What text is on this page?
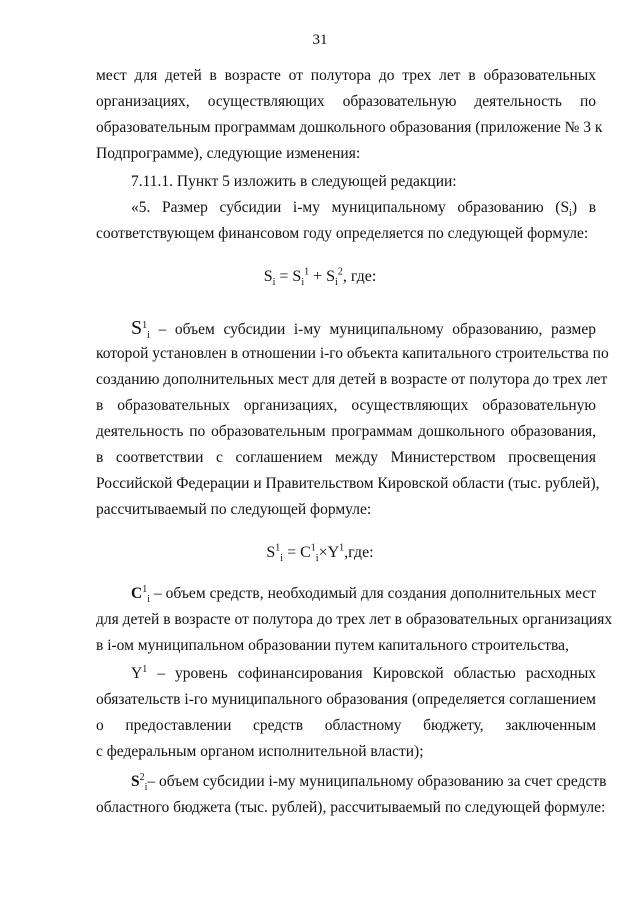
31
мест для детей в возрасте от полутора до трех лет в образовательных
организациях, осуществляющих образовательную деятельность по
образовательным программам дошкольного образования (приложение № 3 к
Подпрограмме), следующие изменения:
7.11.1. Пункт 5 изложить в следующей редакции:
«5. Размер субсидии i-му муниципальному образованию $(S_i)$ в
соответствующем финансовом году определяется по следующей формуле:
$S_i = S_i^1 + S_i^2$, где:
$S^1_i$ – объем субсидии i-му муниципальному образованию, размер
которой установлен в отношении i-го объекта капитального строительства по
созданию дополнительных мест для детей в возрасте от полутора до трех лет
в образовательных организациях, осуществляющих образовательную
деятельность по образовательным программам дошкольного образования,
в соответствии с соглашением между Министерством просвещения
Российской Федерации и Правительством Кировской области (тыс. рублей),
рассчитываемый по следующей формуле:
$S^1_i = C^1_i\times Y^1,где$:
$C^1_i$ – объем средств, необходимый для создания дополнительных мест
для детей в возрасте от полутора до трех лет в образовательных организациях
в i-ом муниципальном образовании путем капитального строительства,
$Y^1$ – уровень софинансирования Кировской областью расходных
обязательств i-го муниципального образования (определяется соглашением
о предоставлении средств областному бюджету, заключенным
с федеральным органом исполнительной власти);
$S^2_i-$ объем субсидии i-му муниципальному образованию за счет средств
областного бюджета (тыс. рублей), рассчитываемый по следующей формуле:
